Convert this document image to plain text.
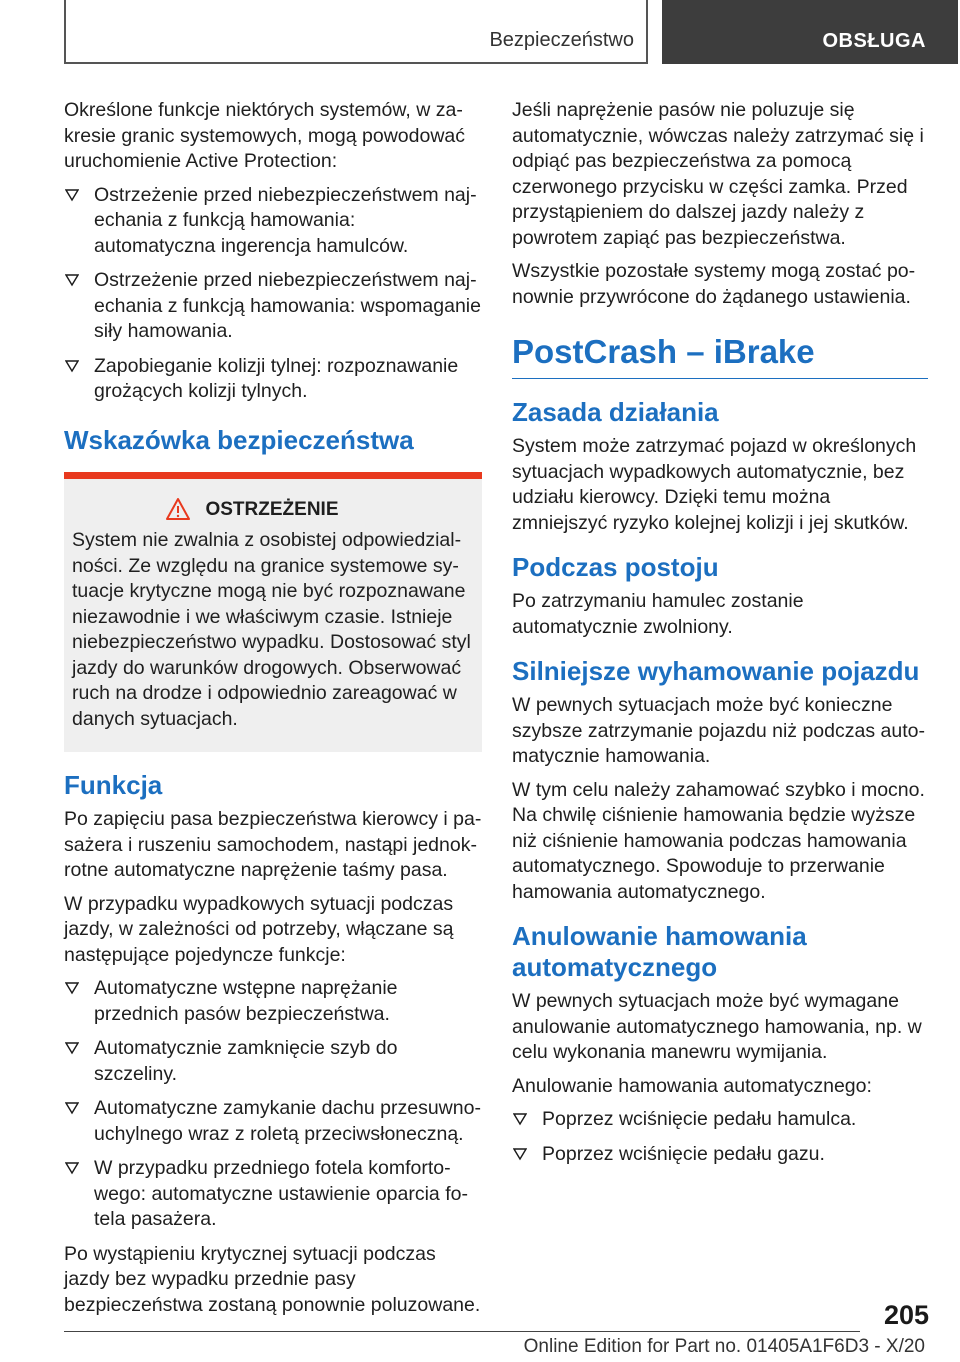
Bezpieczeństwo	OBSŁUGA

Określone funkcje niektórych systemów, w zakresie granic systemowych, mogą powodować uruchomienie Active Protection:

Ostrzeżenie przed niebezpieczeństwem najechania z funkcją hamowania: automatyczna ingerencja hamulców.
Ostrzeżenie przed niebezpieczeństwem najechania z funkcją hamowania: wspomaganie siły hamowania.
Zapobieganie kolizji tylnej: rozpoznawanie grożących kolizji tylnych.
Wskazówka bezpieczeństwa
OSTRZEŻENIE

System nie zwalnia z osobistej odpowiedzialności. Ze względu na granice systemowe sytuacje krytyczne mogą nie być rozpoznawane niezawodnie i we właściwym czasie. Istnieje niebezpieczeństwo wypadku. Dostosować styl jazdy do warunków drogowych. Obserwować ruch na drodze i odpowiednio zareagować w danych sytuacjach.

Funkcja

Po zapięciu pasa bezpieczeństwa kierowcy i pasażera i ruszeniu samochodem, nastąpi jednokrotne automatyczne naprężenie taśmy pasa.

W przypadku wypadkowych sytuacji podczas jazdy, w zależności od potrzeby, włączane są następujące pojedyncze funkcje:

Automatyczne wstępne naprężanie przednich pasów bezpieczeństwa.
Automatycznie zamknięcie szyb do szczeliny.
Automatyczne zamykanie dachu przesuwno-uchylnego wraz z roletą przeciwsłoneczną.
W przypadku przedniego fotela komfortowego: automatyczne ustawienie oparcia fotela pasażera.

Po wystąpieniu krytycznej sytuacji podczas jazdy bez wypadku przednie pasy bezpieczeństwa zostaną ponownie poluzowane.

Jeśli naprężenie pasów nie poluzuje się automatycznie, wówczas należy zatrzymać się i odpiąć pas bezpieczeństwa za pomocą czerwonego przycisku w części zamka. Przed przystąpieniem do dalszej jazdy należy z powrotem zapiąć pas bezpieczeństwa.

Wszystkie pozostałe systemy mogą zostać ponownie przywrócone do żądanego ustawienia.

PostCrash – iBrake
Zasada działania

System może zatrzymać pojazd w określonych sytuacjach wypadkowych automatycznie, bez udziału kierowcy. Dzięki temu można zmniejszyć ryzyko kolejnej kolizji i jej skutków.

Podczas postoju

Po zatrzymaniu hamulec zostanie automatycznie zwolniony.

Silniejsze wyhamowanie pojazdu

W pewnych sytuacjach może być konieczne szybsze zatrzymanie pojazdu niż podczas automatycznie hamowania.

W tym celu należy zahamować szybko i mocno. Na chwilę ciśnienie hamowania będzie wyższe niż ciśnienie hamowania podczas hamowania automatycznego. Spowoduje to przerwanie hamowania automatycznego.

Anulowanie hamowania automatycznego

W pewnych sytuacjach może być wymagane anulowanie automatycznego hamowania, np. w celu wykonania manewru wymijania.

Anulowanie hamowania automatycznego:

Poprzez wciśnięcie pedału hamulca.
Poprzez wciśnięcie pedału gazu.
205
Online Edition for Part no. 01405A1F6D3 - X/20
